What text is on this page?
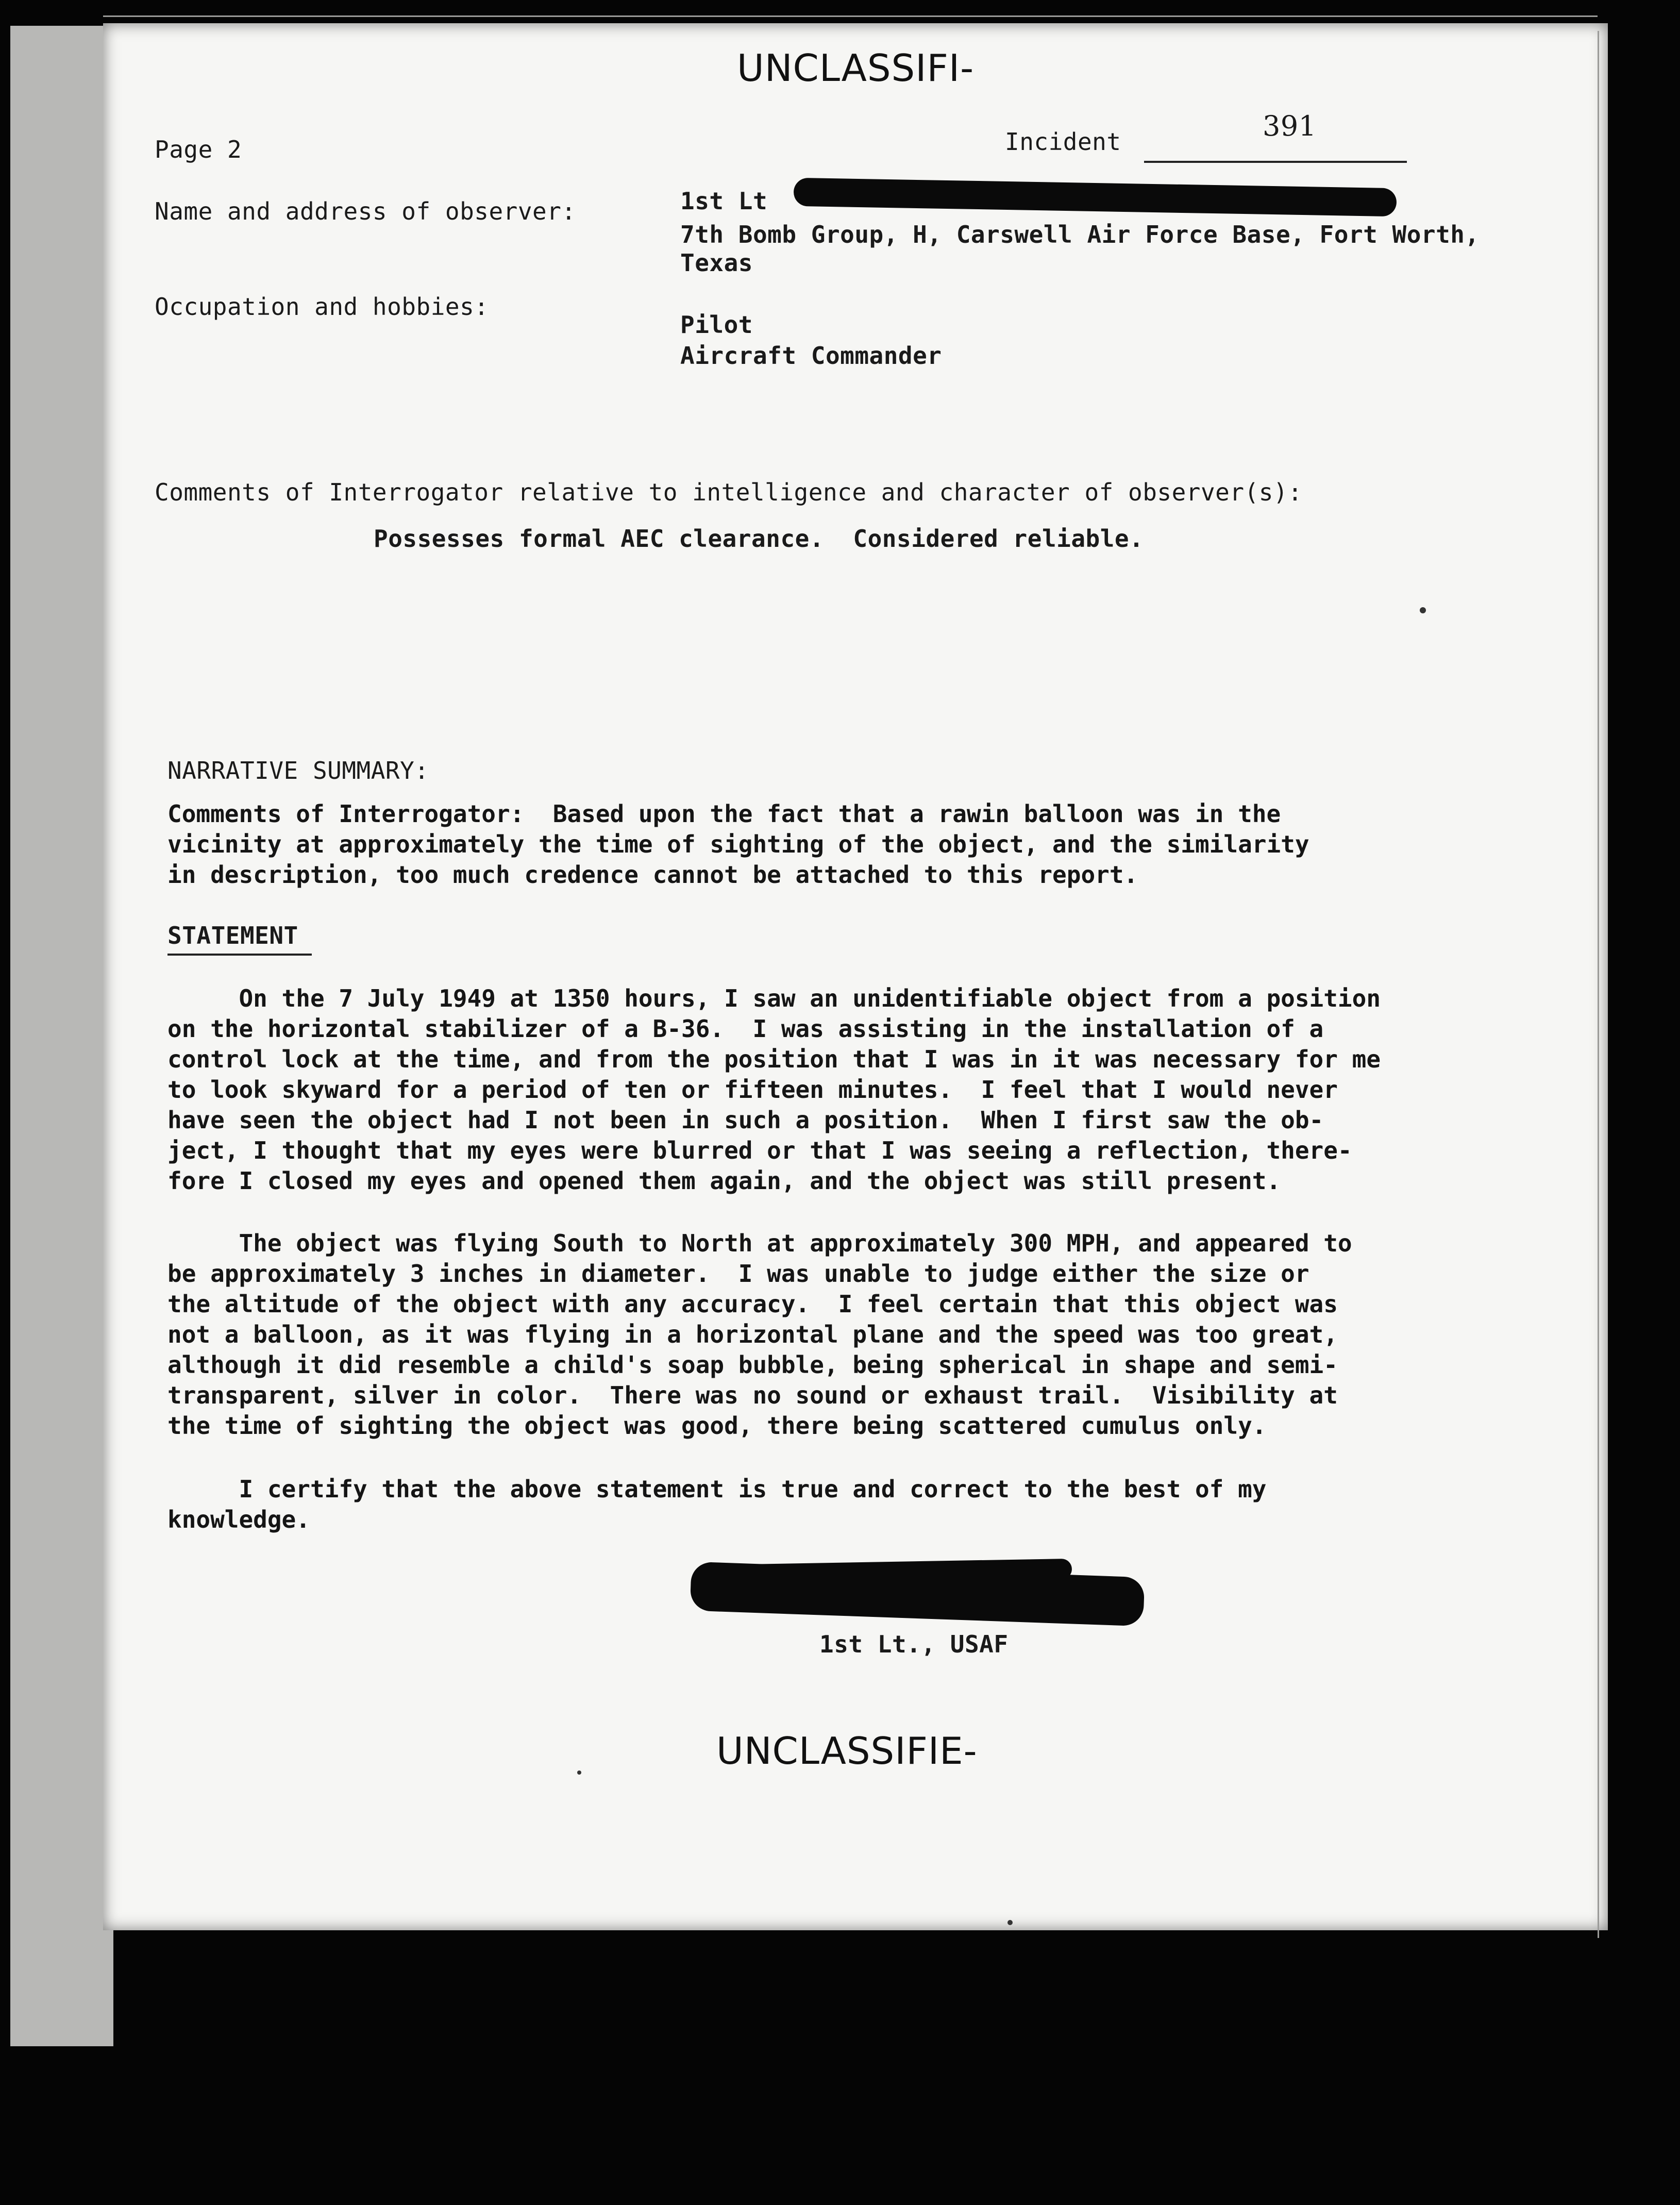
UNCLASSIFI‐
Page 2	Incident	391
Name and address of observer:	1st Lt
7th Bomb Group, H, Carswell Air Force Base, Fort Worth,
Texas
Occupation and hobbies:
Pilot
Aircraft Commander
Comments of Interrogator relative to intelligence and character of observer(s):
Possesses formal AEC clearance.  Considered reliable.
NARRATIVE SUMMARY:
Comments of Interrogator:  Based upon the fact that a rawin balloon was in the
vicinity at approximately the time of sighting of the object, and the similarity
in description, too much credence cannot be attached to this report.
STATEMENT
On the 7 July 1949 at 1350 hours, I saw an unidentifiable object from a position
on the horizontal stabilizer of a B-36.  I was assisting in the installation of a
control lock at the time, and from the position that I was in it was necessary for me
to look skyward for a period of ten or fifteen minutes.  I feel that I would never
have seen the object had I not been in such a position.  When I first saw the ob-
ject, I thought that my eyes were blurred or that I was seeing a reflection, there-
fore I closed my eyes and opened them again, and the object was still present.
The object was flying South to North at approximately 300 MPH, and appeared to
be approximately 3 inches in diameter.  I was unable to judge either the size or
the altitude of the object with any accuracy.  I feel certain that this object was
not a balloon, as it was flying in a horizontal plane and the speed was too great,
although it did resemble a child's soap bubble, being spherical in shape and semi-
transparent, silver in color.  There was no sound or exhaust trail.  Visibility at
the time of sighting the object was good, there being scattered cumulus only.
I certify that the above statement is true and correct to the best of my
knowledge.
1st Lt., USAF
UNCLASSIFIE‐
